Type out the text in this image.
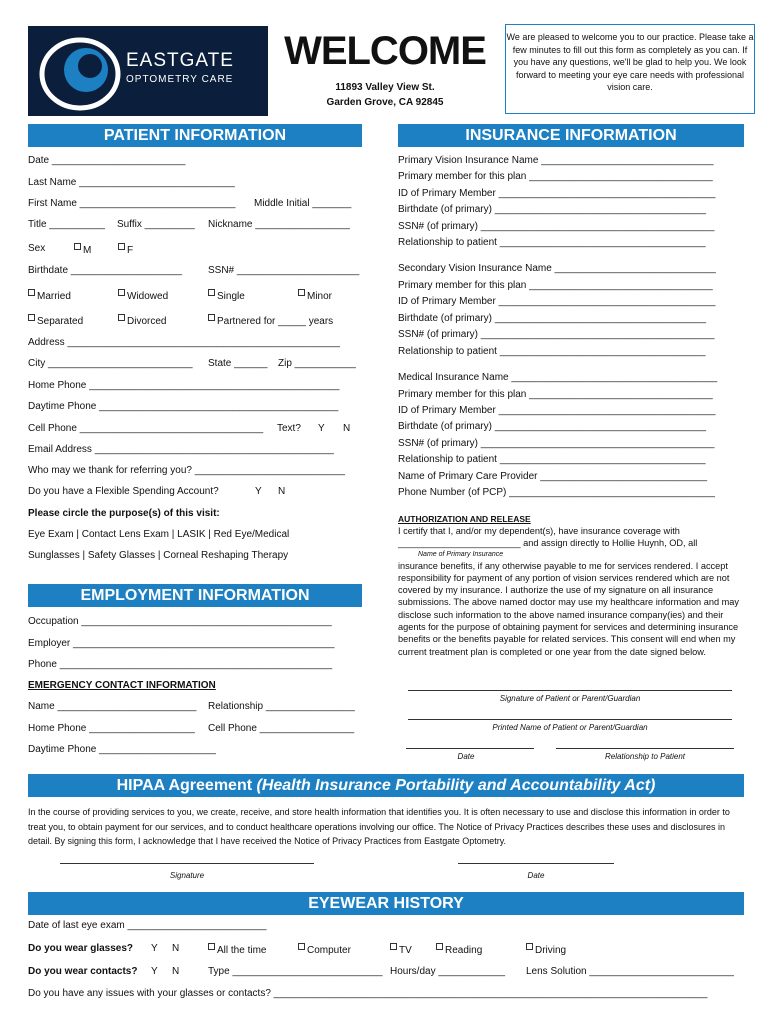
EASTGATE
OPTOMETRY CARE
WELCOME
11893 Valley View St.
Garden Grove, CA 92845
We are pleased to welcome you to our practice. Please take a few minutes to fill out this form as completely as you can. If you have any questions, we'll be glad to help you. We look forward to meeting your eye care needs with professional vision care.
PATIENT INFORMATION
Date ________________________
Last Name ____________________________
First Name ____________________________ Middle Initial _______
Title __________ Suffix _________ Nickname _________________
Sex	M	F
Birthdate ____________________	SSN# ______________________
Married	Widowed	Single	Minor
Separated	Divorced	Partnered for _____ years
Address _________________________________________________
City __________________________ State ______ Zip ___________
Home Phone _____________________________________________
Daytime Phone ___________________________________________
Cell Phone _________________________________ Text? Y N
Email Address ___________________________________________
Who may we thank for referring you? ___________________________
Do you have a Flexible Spending Account?	Y N
Please circle the purpose(s) of this visit:
Eye Exam | Contact Lens Exam | LASIK | Red Eye/Medical
Sunglasses | Safety Glasses | Corneal Reshaping Therapy
EMPLOYMENT INFORMATION
Occupation _____________________________________________
Employer _______________________________________________
Phone _________________________________________________
EMERGENCY CONTACT INFORMATION
Name _________________________ Relationship ________________
Home Phone ___________________ Cell Phone _________________
Daytime Phone _____________________
INSURANCE INFORMATION
Primary Vision Insurance Name _______________________________
Primary member for this plan _________________________________
ID of Primary Member _______________________________________
Birthdate (of primary) ______________________________________
SSN# (of primary) __________________________________________
Relationship to patient _____________________________________
Secondary Vision Insurance Name _____________________________
Primary member for this plan _________________________________
ID of Primary Member _______________________________________
Birthdate (of primary) ______________________________________
SSN# (of primary) __________________________________________
Relationship to patient _____________________________________
Medical Insurance Name _____________________________________
Primary member for this plan _________________________________
ID of Primary Member _______________________________________
Birthdate (of primary) ______________________________________
SSN# (of primary) __________________________________________
Relationship to patient _____________________________________
Name of Primary Care Provider ______________________________
Phone Number (of PCP) _____________________________________
AUTHORIZATION AND RELEASE
I certify that I, and/or my dependent(s), have insurance coverage with
________________________ and assign directly to Hollie Huynh, OD, all
Name of Primary Insurance
insurance benefits, if any otherwise payable to me for services rendered. I accept responsibility for payment of any portion of vision services rendered which are not covered by my insurance. I authorize the use of my signature on all insurance submissions. The above named doctor may use my healthcare information and may disclose such information to the above named insurance company(ies) and their agents for the purpose of obtaining payment for services and determining insurance benefits or the benefits payable for related services. This consent will end when my current treatment plan is completed or one year from the date signed below.
Signature of Patient or Parent/Guardian
Printed Name of Patient or Parent/Guardian
Date	Relationship to Patient
HIPAA Agreement (Health Insurance Portability and Accountability Act)
In the course of providing services to you, we create, receive, and store health information that identifies you. It is often necessary to use and disclose this information in order to treat you, to obtain payment for our services, and to conduct healthcare operations involving our office. The Notice of Privacy Practices describes these uses and disclosures in detail. By signing this form, I acknowledge that I have received the Notice of Privacy Practices from Eastgate Optometry.
Signature	Date
EYEWEAR HISTORY
Date of last eye exam _________________________
Do you wear glasses? Y N	All the time	Computer	TV	Reading	Driving
Do you wear contacts? Y N	Type ___________________________ Hours/day ____________ Lens Solution __________________________
Do you have any issues with your glasses or contacts? ______________________________________________________________________________
